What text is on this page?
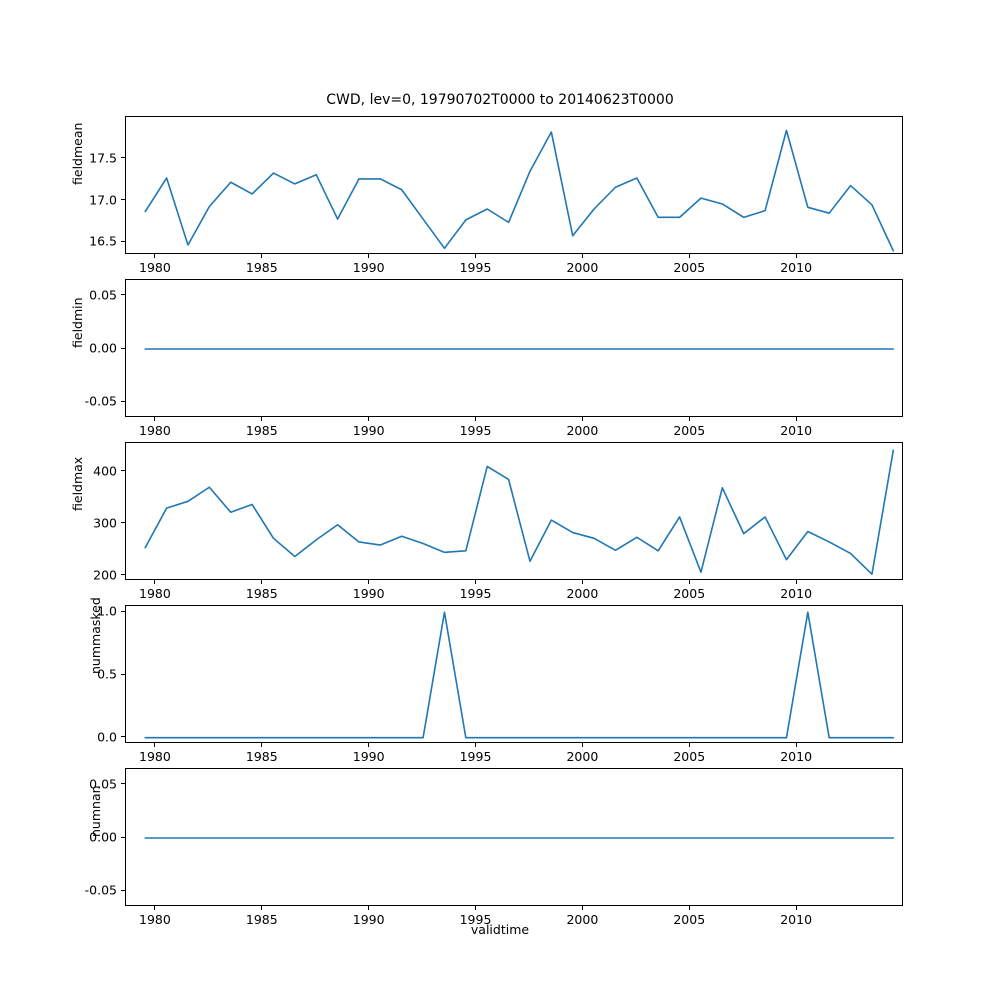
CWD, lev=0, 19790702T0000 to 20140623T0000
fieldmean
fieldmin
fieldmax
nummasked
numnan
validtime
16.5
17.0
17.5
1980	1985	1990	1995	2000	2005	2010
-0.05
0.00
0.05
1980	1985	1990	1995	2000	2005	2010
200
300
400
1980	1985	1990	1995	2000	2005	2010
0.0
0.5
1.0
1980	1985	1990	1995	2000	2005	2010
-0.05
0.00
0.05
1980	1985	1990	1995	2000	2005	2010
